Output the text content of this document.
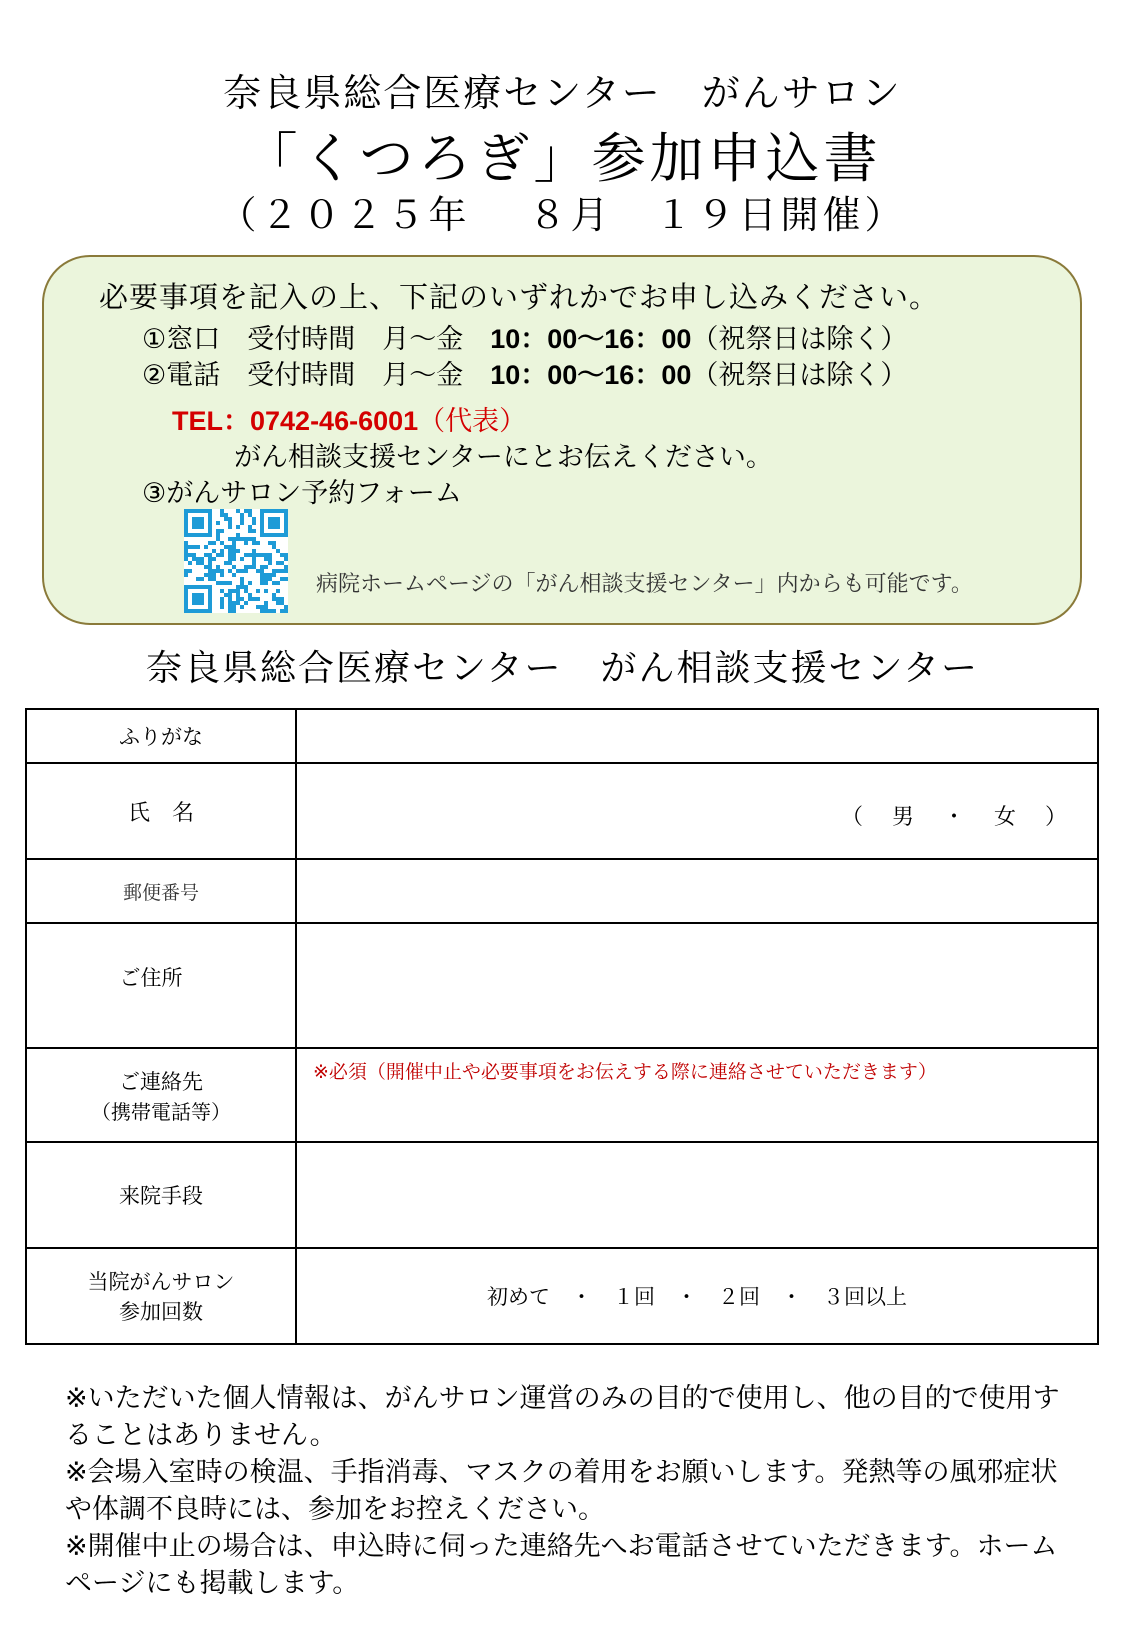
奈良県総合医療センター　がんサロン
「くつろぎ」参加申込書
（２０２５年　 ８月　１９日開催）
必要事項を記入の上、下記のいずれかでお申し込みください。
①窓口　受付時間　月～金　10：00～16：00（祝祭日は除く）
②電話　受付時間　月～金　10：00～16：00（祝祭日は除く）
TEL：0742-46-6001（代表）
がん相談支援センターにとお伝えください。
③がんサロン予約フォーム
病院ホームページの「がん相談支援センター」内からも可能です。
奈良県総合医療センター　がん相談支援センター
ふりがな	
氏　名	（ 男 ・ 女 ）

郵便番号	
ご住所	

ご連絡先
（携帯電話等）	※必須（開催中止や必要事項をお伝えする際に連絡させていただきます）

来院手段	

当院がんサロン
参加回数	初めて　・　１回　・　２回　・　３回以上

※いただいた個人情報は、がんサロン運営のみの目的で使用し、他の目的で使用することはありません。

※会場入室時の検温、手指消毒、マスクの着用をお願いします。発熱等の風邪症状や体調不良時には、参加をお控えください。

※開催中止の場合は、申込時に伺った連絡先へお電話させていただきます。ホームページにも掲載します。
